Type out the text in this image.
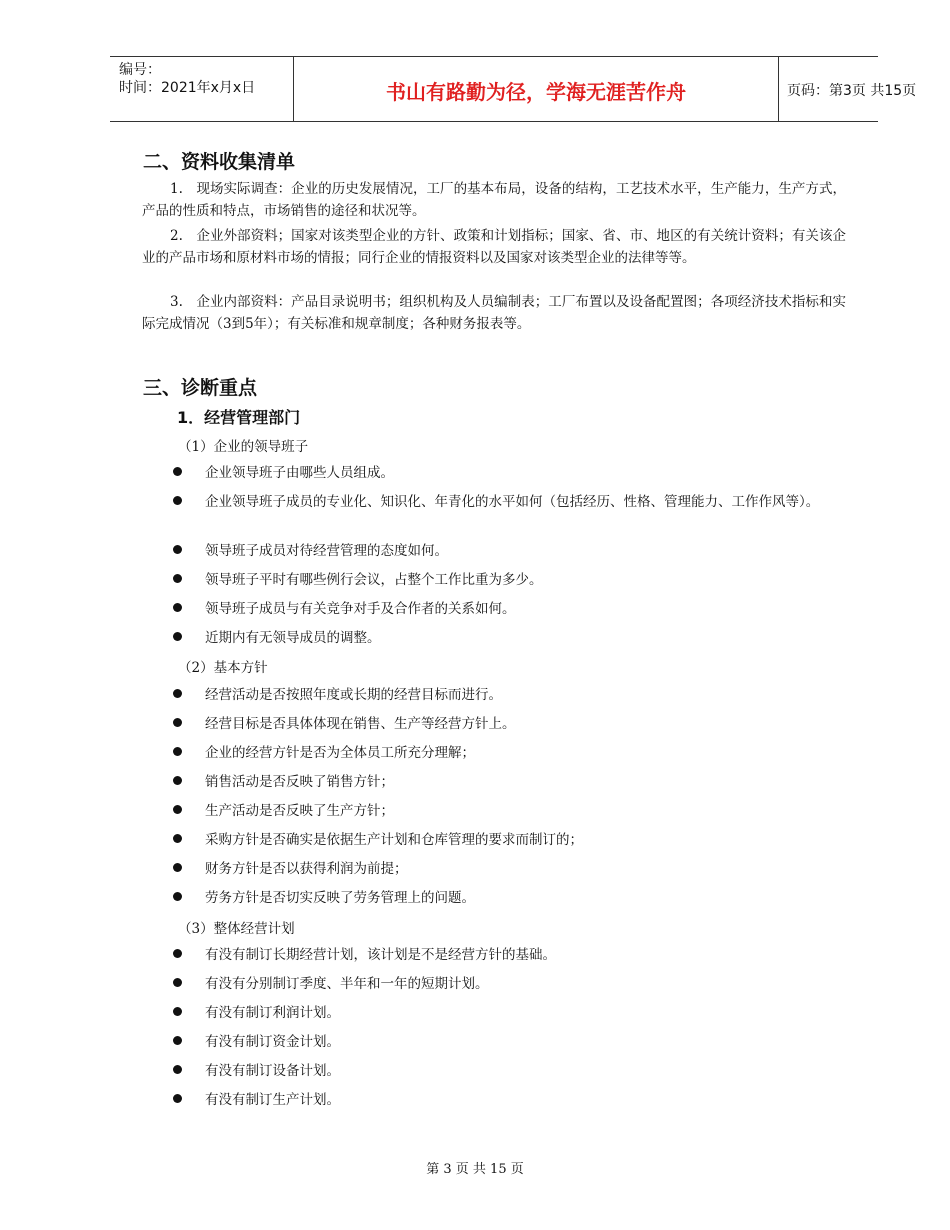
编号：
时间：2021年x月x日	书山有路勤为径，学海无涯苦作舟	页码：第3页 共15页
二、资料收集清单

1.　现场实际调查：企业的历史发展情况，工厂的基本布局，设备的结构，工艺技术水平，生产能力，生产方式，产品的性质和特点，市场销售的途径和状况等。

2.　企业外部资料；国家对该类型企业的方针、政策和计划指标；国家、省、市、地区的有关统计资料；有关该企业的产品市场和原材料市场的情报；同行企业的情报资料以及国家对该类型企业的法律等等。

3.　企业内部资料：产品目录说明书；组织机构及人员编制表；工厂布置以及设备配置图；各项经济技术指标和实际完成情况（3到5年）；有关标准和规章制度；各种财务报表等。

三、诊断重点
1．经营管理部门
（1）企业的领导班子

企业领导班子由哪些人员组成。

企业领导班子成员的专业化、知识化、年青化的水平如何（包括经历、性格、管理能力、工作作风等）。

领导班子成员对待经营管理的态度如何。

领导班子平时有哪些例行会议，占整个工作比重为多少。

领导班子成员与有关竞争对手及合作者的关系如何。

近期内有无领导成员的调整。

（2）基本方针

经营活动是否按照年度或长期的经营目标而进行。

经营目标是否具体体现在销售、生产等经营方针上。

企业的经营方针是否为全体员工所充分理解；

销售活动是否反映了销售方针；

生产活动是否反映了生产方针；

采购方针是否确实是依据生产计划和仓库管理的要求而制订的；

财务方针是否以获得利润为前提；

劳务方针是否切实反映了劳务管理上的问题。

（3）整体经营计划

有没有制订长期经营计划，该计划是不是经营方针的基础。

有没有分别制订季度、半年和一年的短期计划。

有没有制订利润计划。

有没有制订资金计划。

有没有制订设备计划。

有没有制订生产计划。

第 3 页 共 15 页
